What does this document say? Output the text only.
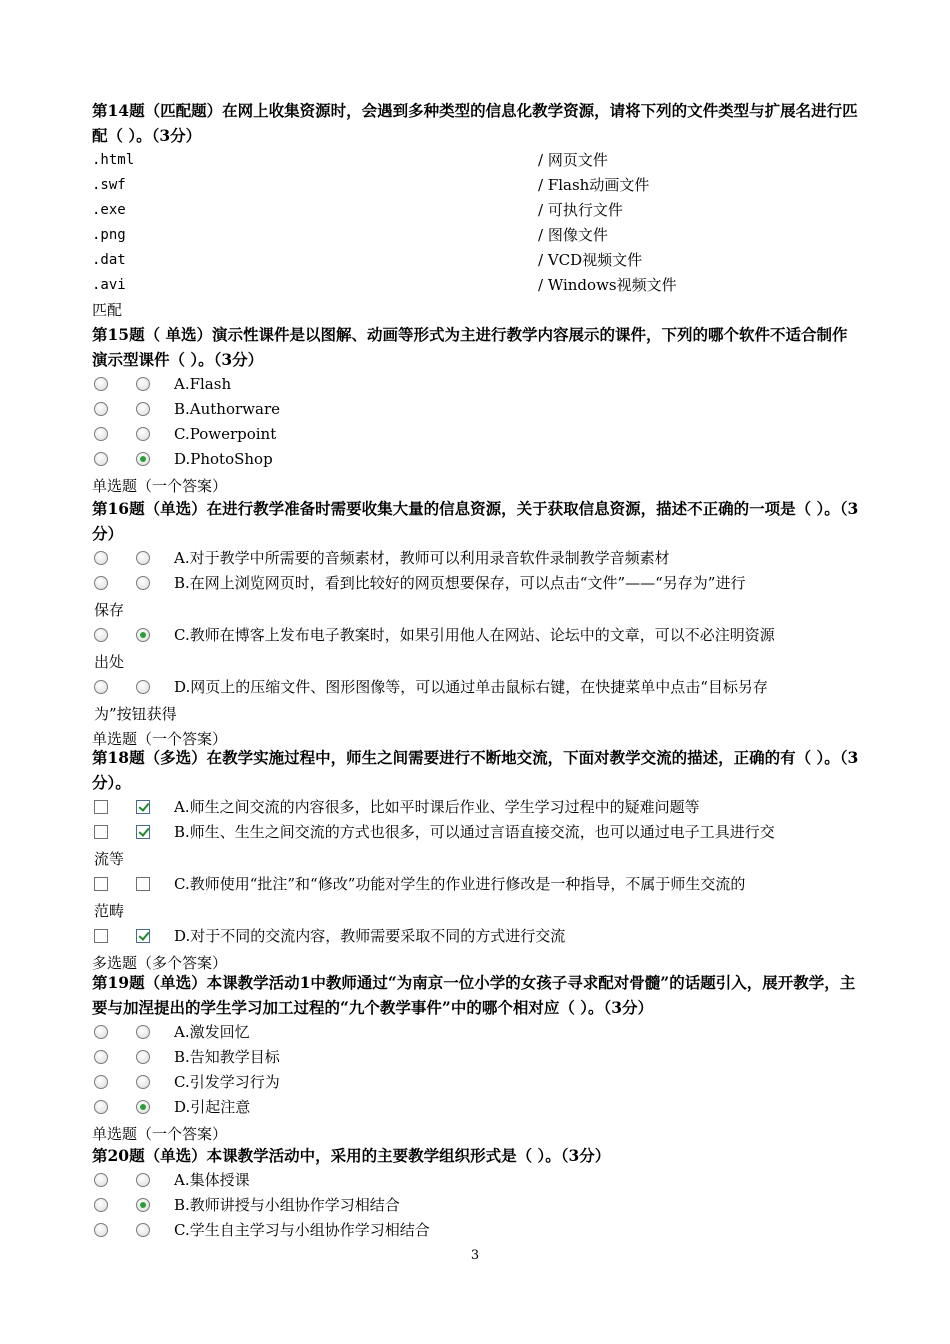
第14题（匹配题）在网上收集资源时，会遇到多种类型的信息化教学资源，请将下列的文件类型与扩展名进行匹配（ ）。（3分）
.html	/ 网页文件
.swf	/ Flash动画文件
.exe	/ 可执行文件
.png	/ 图像文件
.dat	/ VCD视频文件
.avi	/ Windows视频文件
匹配
第15题（ 单选）演示性课件是以图解、动画等形式为主进行教学内容展示的课件，下列的哪个软件不适合制作演示型课件（ ）。（3分）
A.Flash
B.Authorware
C.Powerpoint
D.PhotoShop
单选题（一个答案）
第16题（单选）在进行教学准备时需要收集大量的信息资源，关于获取信息资源，描述不正确的一项是（ ）。（3分）
A.对于教学中所需要的音频素材，教师可以利用录音软件录制教学音频素材
B.在网上浏览网页时，看到比较好的网页想要保存，可以点击“文件”——“另存为”进行
保存
C.教师在博客上发布电子教案时，如果引用他人在网站、论坛中的文章，可以不必注明资源
出处
D.网页上的压缩文件、图形图像等，可以通过单击鼠标右键，在快捷菜单中点击“目标另存
为”按钮获得
单选题（一个答案）
第18题（多选）在教学实施过程中，师生之间需要进行不断地交流，下面对教学交流的描述，正确的有（ ）。（3分）。
A.师生之间交流的内容很多，比如平时课后作业、学生学习过程中的疑难问题等
B.师生、生生之间交流的方式也很多，可以通过言语直接交流，也可以通过电子工具进行交
流等
C.教师使用“批注”和“修改”功能对学生的作业进行修改是一种指导，不属于师生交流的
范畴
D.对于不同的交流内容，教师需要采取不同的方式进行交流
多选题（多个答案）
第19题（单选）本课教学活动1中教师通过“为南京一位小学的女孩子寻求配对骨髓”的话题引入，展开教学，主要与加涅提出的学生学习加工过程的“九个教学事件”中的哪个相对应（ ）。（3分）
A.激发回忆
B.告知教学目标
C.引发学习行为
D.引起注意
单选题（一个答案）
第20题（单选）本课教学活动中，采用的主要教学组织形式是（ ）。（3分）
A.集体授课
B.教师讲授与小组协作学习相结合
C.学生自主学习与小组协作学习相结合
3
